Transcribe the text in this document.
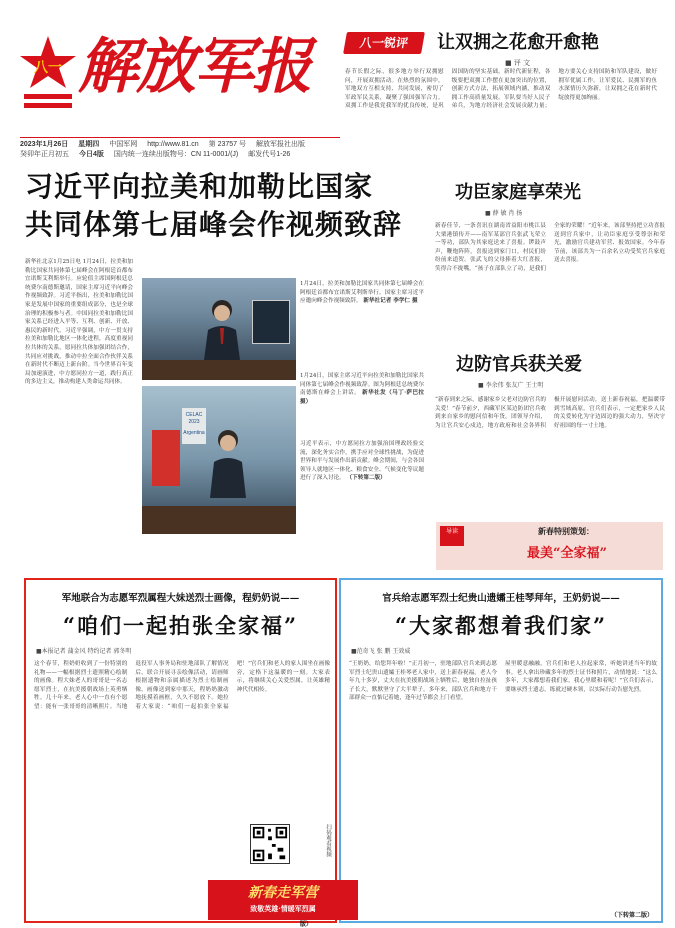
八一 解放军报
2023年1月26日 星期四 中国军网 http://www.81.cn 第 23757 号 解放军报社出版
癸卯年正月初五 今日4版 国内统一连续出版物号：CN 11-0001/(J) 邮发代号1-26
八一锐评	让双拥之花愈开愈艳
■ 评 文
春节长假之际，很多地方举行双拥慰问，开展双拥活动。在热烈的氛围中，军地双方互相支持、共同发展，密切了军政军民关系，凝聚了强国强军合力。双拥工作是我党我军的优良传统，是巩固国防的坚实基础。新时代新征程，各级要把双拥工作摆在更加突出的位置，创新方式方法，拓展领域内涵，推动双拥工作高质量发展。军队要当好人民子弟兵，为地方经济社会发展贡献力量；地方要关心支持国防和军队建设，做好拥军优属工作。让军爱民、民拥军的鱼水深情历久弥新，让双拥之花在新时代绽放得更加绚丽。
习近平向拉美和加勒比国家
共同体第七届峰会作视频致辞
新华社北京1月25日电 1月24日，拉美和加勒比国家共同体第七届峰会在阿根廷首都布宜诺斯艾利斯举行。应轮值主席国阿根廷总统费尔南德斯邀请，国家主席习近平向峰会作视频致辞。习近平指出，拉美和加勒比国家是发展中国家的重要组成部分，也是全球治理的积极参与者。中国同拉美和加勒比国家关系已经进入平等、互利、创新、开放、惠民的新时代。习近平强调，中方一贯支持拉美和加勒比地区一体化进程，高度重视同拉共体的关系，愿同拉共体加强团结合作，共同应对挑战，推动中拉全面合作伙伴关系在新时代不断迈上新台阶。当今世界百年变局加速演进，中方愿同拉方一道，践行真正的多边主义，推动构建人类命运共同体。
1月24日，拉美和加勒比国家共同体第七届峰会在阿根廷首都布宜诺斯艾利斯举行。国家主席习近平应邀向峰会作视频致辞。 新华社记者 李学仁 摄
CELAC 2023
Argentina
1月24日，国家主席习近平向拉美和加勒比国家共同体第七届峰会作视频致辞。图为阿根廷总统费尔南德斯在峰会上讲话。 新华社发（马丁·萨巴拉 摄）
习近平表示，中方愿同拉方加强治国理政经验交流，深化务实合作，携手应对全球性挑战，为促进世界和平与发展作出新贡献。峰会期间，与会各国领导人就地区一体化、粮食安全、气候变化等议题进行了深入讨论。 （下转第二版）
功臣家庭享荣光
■ 薛 敏 肖 扬
新春佳节，一条喜讯在湖南省益阳市桃江县大栗港镇传开——南军某部官兵张武飞荣立一等功，部队为其家庭送来了喜报。锣鼓声声，鞭炮阵阵，喜报送到家门口，村民们纷纷前来道贺。张武飞的父母捧着大红喜报，笑得合不拢嘴。“孩子在部队立了功，是我们全家的荣耀！”近年来，该部坚持把立功喜报送到官兵家中，让功臣家庭享受尊崇和荣光，激励官兵建功军营、报效国家。今年春节前，该部共为一百余名立功受奖官兵家庭送去喜报。
边防官兵获关爱
■ 李余伟 张友广 王士明
“新春到来之际，感谢家乡父老对边防官兵的关爱！”春节前夕，西藏军区某边防团官兵收到来自家乡的慰问信和年货。团领导介绍，为让官兵安心戍边，地方政府和社会各界积极开展慰问活动，送上新春祝福，把温暖带到雪域高原。官兵们表示，一定把家乡人民的关爱转化为守边固边的强大动力，坚决守好祖国的每一寸土地。
导读	新春特别策划：
最美“全家福”
军地联合为志愿军烈属程大妹送烈士画像，程奶奶说——
“咱们一起拍张全家福”
■本报记者 蒲金风 特约记者 郭冬明
这个春节，程奶奶收到了一份特别的礼物——一幅根据烈士遗照精心绘制的画像。程大妹老人的哥哥是一名志愿军烈士，在抗美援朝战场上英勇牺牲。几十年来，老人心中一直有个愿望：能有一张哥哥的清晰照片。当地退役军人事务局和驻地部队了解情况后，联合开展寻亲绘像活动，请画师根据遗物和亲属描述为烈士绘制画像。画像送到家中那天，程奶奶激动地抚摸着画框，久久不愿放下。她拉着大家说：“咱们一起拍张全家福吧！”官兵们和老人的家人围坐在画像旁，定格下这温暖的一刻。大家表示，将继续关心关爱烈属，让英雄精神代代相传。
扫码观看视频
版）
官兵给志愿军烈士纪贵山遗孀王桂琴拜年，王奶奶说——
“大家都想着我们家”
■范奇飞 张 鹏 王效威
“王奶奶，给您拜年啦！”正月初一，驻地部队官兵来到志愿军烈士纪贵山遗孀王桂琴老人家中，送上新春祝福。老人今年九十多岁，丈夫在抗美援朝战场上牺牲后，她独自拉扯孩子长大，默默坚守了大半辈子。多年来，部队官兵和地方干部群众一直惦记着她，逢年过节都会上门看望。
屋里暖意融融，官兵们和老人拉起家常，听她讲述当年的故事。老人拿出珍藏多年的烈士证书和照片，动情地说：“这么多年，大家都想着我们家，我心里暖和着呢！”官兵们表示，要继承烈士遗志，练就过硬本领，以实际行动告慰先烈。
（下转第二版）
新春走军营
致敬英雄·情暖军烈属
